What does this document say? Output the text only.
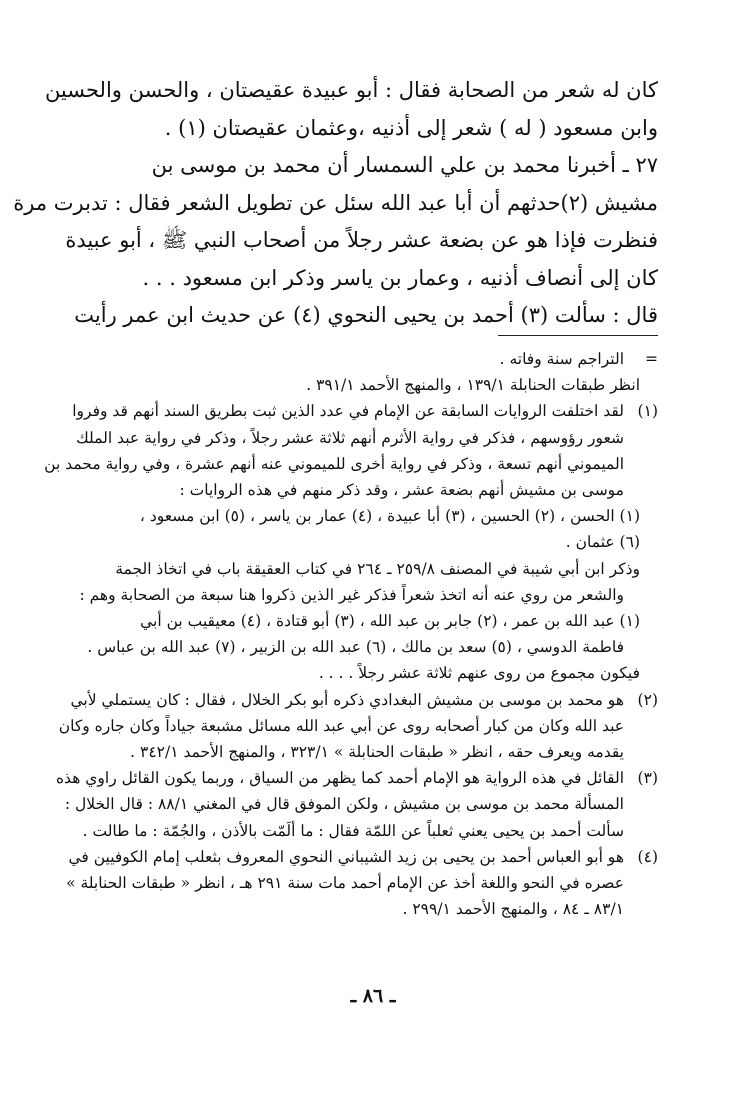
كان له شعر من الصحابة فقال : أبو عبيدة عقيصتان ، والحسن والحسين
وابن مسعود ( له ) شعر إلى أذنيه ،وعثمان عقيصتان (١) .
٢٧ ـ أخبرنا محمد بن علي السمسار أن محمد بن موسى بن
مشيش (٢)حدثهم أن أبا عبد الله سئل عن تطويل الشعر فقال : تدبرت مرة
فنظرت فإذا هو عن بضعة عشر رجلاً من أصحاب النبي ﷺ ، أبو عبيدة
كان إلى أنصاف أذنيه ، وعمار بن ياسر وذكر ابن مسعود . . .
قال : سألت (٣) أحمد بن يحيى النحوي (٤) عن حديث ابن عمر رأيت
=التراجم سنة وفاته .
انظر طبقات الحنابلة ١٣٩/١ ، والمنهج الأحمد ٣٩١/١ .
(١)لقد اختلفت الروايات السابقة عن الإمام في عدد الذين ثبت بطريق السند أنهم قد وفروا
شعور رؤوسهم ، فذكر في رواية الأثرم أنهم ثلاثة عشر رجلاً ، وذكر في رواية عبد الملك
الميموني أنهم تسعة ، وذكر في رواية أخرى للميموني عنه أنهم عشرة ، وفي رواية محمد بن
موسى بن مشيش أنهم بضعة عشر ، وقد ذكر منهم في هذه الروايات :
(١) الحسن ، (٢) الحسين ، (٣) أبا عبيدة ، (٤) عمار بن ياسر ، (٥) ابن مسعود ،
(٦) عثمان .
وذكر ابن أبي شيبة في المصنف ٢٥٩/٨ ـ ٢٦٤ في كتاب العقيقة باب في اتخاذ الجمة
والشعر من روي عنه أنه اتخذ شعراً فذكر غير الذين ذكروا هنا سبعة من الصحابة وهم :
(١) عبد الله بن عمر ، (٢) جابر بن عبد الله ، (٣) أبو قتادة ، (٤) معيقيب بن أبي
فاطمة الدوسي ، (٥) سعد بن مالك ، (٦) عبد الله بن الزبير ، (٧) عبد الله بن عباس .
فيكون مجموع من روى عنهم ثلاثة عشر رجلاً . . . .
(٢)هو محمد بن موسى بن مشيش البغدادي ذكره أبو بكر الخلال ، فقال : كان يستملي لأبي
عبد الله وكان من كبار أصحابه روى عن أبي عبد الله مسائل مشبعة جياداً وكان جاره وكان
يقدمه ويعرف حقه ، انظر « طبقات الحنابلة » ٣٢٣/١ ، والمنهج الأحمد ٣٤٢/١ .
(٣)القائل في هذه الرواية هو الإمام أحمد كما يظهر من السياق ، وربما يكون القائل راوي هذه
المسألة محمد بن موسى بن مشيش ، ولكن الموفق قال في المغني ٨٨/١ : قال الخلال :
سألت أحمد بن يحيى يعني ثعلباً عن اللمّة فقال : ما ألَمّت بالأذن ، والجُمّة : ما طالت .
(٤)هو أبو العباس أحمد بن يحيى بن زيد الشيباني النحوي المعروف بثعلب إمام الكوفيين في
عصره في النحو واللغة أخذ عن الإمام أحمد مات سنة ٢٩١ هـ ، انظر « طبقات الحنابلة »
٨٣/١ ـ ٨٤ ، والمنهج الأحمد ٢٩٩/١ .
ـ ٨٦ ـ
